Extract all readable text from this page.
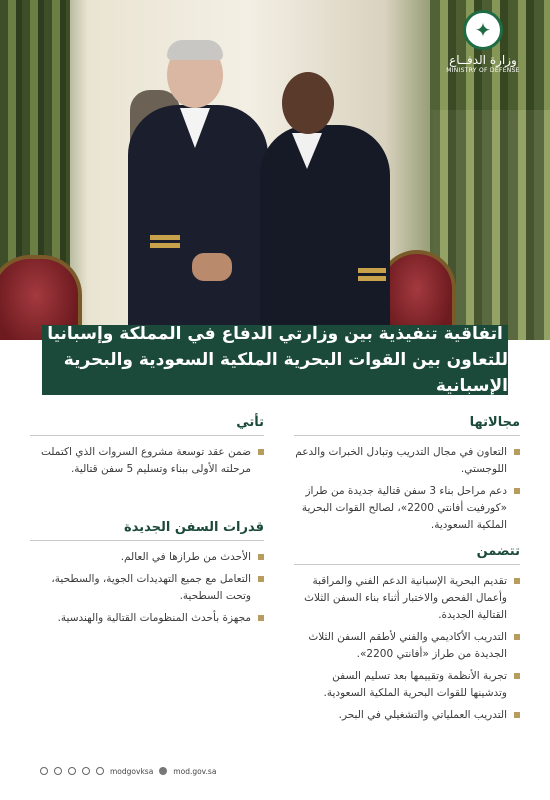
✦
وزارة الدفــاع
MINISTRY OF DEFENSE
اتفاقية تنفيذية بين وزارتي الدفاع في المملكة وإسبانيا
للتعاون بين القوات البحرية الملكية السعودية والبحرية الإسبانية
مجالاتها
التعاون في مجال التدريب وتبادل الخبرات والدعم اللوجستي.
دعم مراحل بناء 3 سفن قتالية جديدة من طراز «كورفيت أفانتي 2200»، لصالح القوات البحرية الملكية السعودية.
تتضمن
تقديم البحرية الإسبانية الدعم الفني والمراقبة وأعمال الفحص والاختبار أثناء بناء السفن الثلاث القتالية الجديدة.
التدريب الأكاديمي والفني لأطقم السفن الثلاث الجديدة من طراز «أفانتي 2200».
تجربة الأنظمة وتقييمها بعد تسليم السفن وتدشينها للقوات البحرية الملكية السعودية.
التدريب العملياتي والتشغيلي في البحر.
تأتي
ضمن عقد توسعة مشروع السروات الذي اكتملت مرحلته الأولى ببناء وتسليم 5 سفن قتالية.
قدرات السفن الجديدة
الأحدث من طرازها في العالم.
التعامل مع جميع التهديدات الجوية، والسطحية، وتحت السطحية.
مجهزة بأحدث المنظومات القتالية والهندسية.
modgovksa	mod.gov.sa
